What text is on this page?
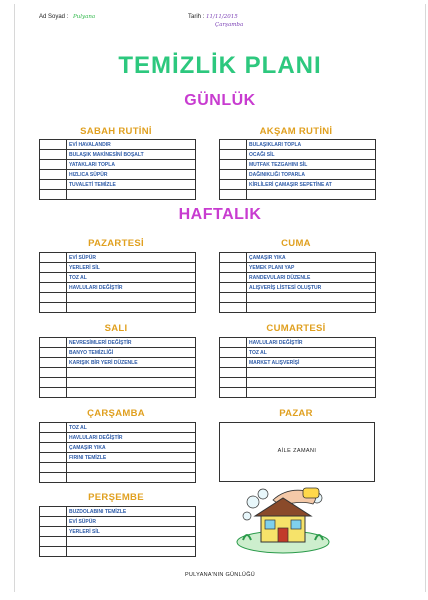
Ad Soyad : Pulyana	Tarih : 11/11/2015
Çarşamba
TEMİZLİK PLANI
GÜNLÜK
SABAH RUTİNİ
	EVİ HAVALANDIR
	BULAŞIK MAKİNESİNİ BOŞALT
	YATAKLARI TOPLA
	HIZLICA SÜPÜR
	TUVALETİ TEMİZLE

AKŞAM RUTİNİ
	BULAŞIKLARI TOPLA
	OCAĞI SİL
	MUTFAK TEZGAHINI SİL
	DAĞINIKLIĞI TOPARLA
	KİRLİLERİ ÇAMAŞIR SEPETİNE AT

HAFTALIK
PAZARTESİ
	EVİ SÜPÜR
	YERLERİ SİL
	TOZ AL
	HAVLULARI DEĞİŞTİR

CUMA
	ÇAMAŞIR YIKA
	YEMEK PLANI YAP
	RANDEVULARI DÜZENLE
	ALIŞVERİŞ LİSTESİ OLUŞTUR

SALI
	NEVRESİMLERİ DEĞİŞTİR
	BANYO TEMİZLİĞİ
	KARIŞIK BİR YERİ DÜZENLE

CUMARTESİ
	HAVLULARI DEĞİŞTİR
	TOZ AL
	MARKET ALIŞVERİŞİ

ÇARŞAMBA
	TOZ AL
	HAVLULARI DEĞİŞTİR
	ÇAMAŞIR YIKA
	FIRINI TEMİZLE

PAZAR
AİLE ZAMANI
PERŞEMBE
	BUZDOLABINI TEMİZLE
	EVİ SÜPÜR
	YERLERİ SİL

PULYANA'NIN GÜNLÜĞÜ
